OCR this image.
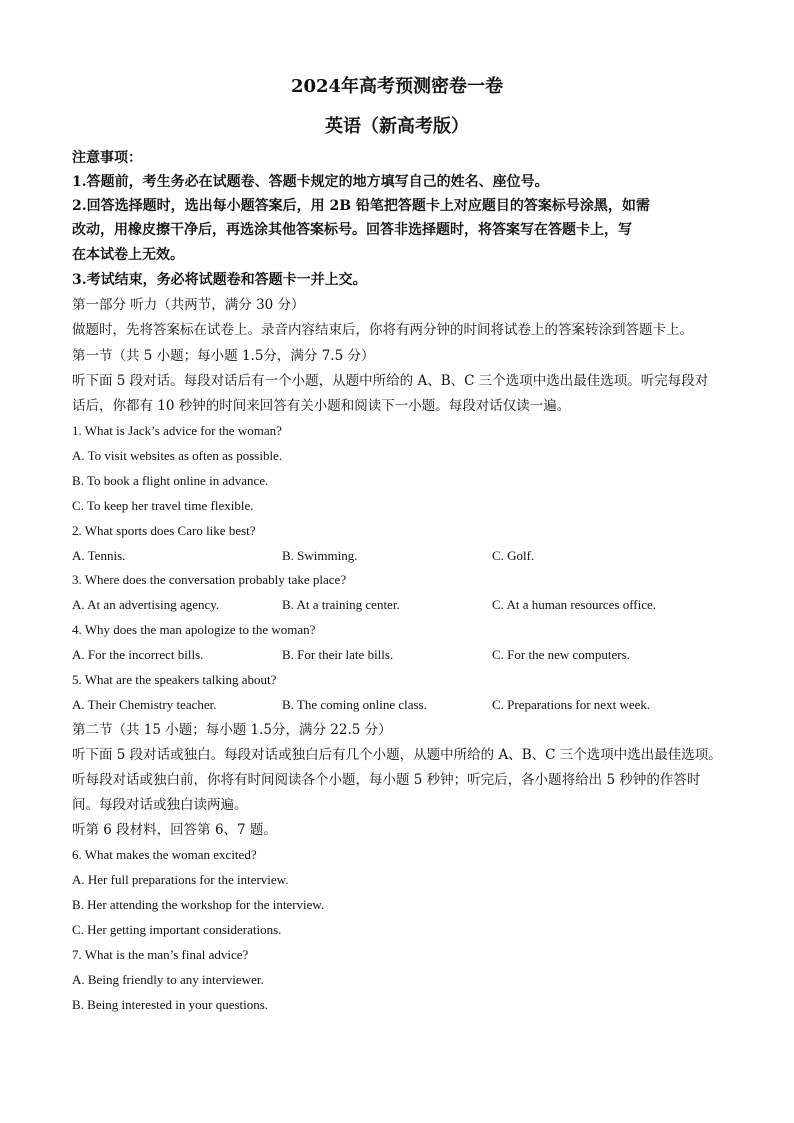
2024年高考预测密卷一卷
英语（新高考版）
注意事项：
1.答题前，考生务必在试题卷、答题卡规定的地方填写自己的姓名、座位号。
2.回答选择题时，选出每小题答案后，用 2B 铅笔把答题卡上对应题目的答案标号涂黑，如需
改动，用橡皮擦干净后，再选涂其他答案标号。回答非选择题时，将答案写在答题卡上，写
在本试卷上无效。
3.考试结束，务必将试题卷和答题卡一并上交。
第一部分 听力（共两节，满分 30 分）
做题时，先将答案标在试卷上。录音内容结束后，你将有两分钟的时间将试卷上的答案转涂到答题卡上。
第一节（共 5 小题；每小题 1.5分，满分 7.5 分）
听下面 5 段对话。每段对话后有一个小题，从题中所给的 A、B、C 三个选项中选出最佳选项。听完每段对
话后，你都有 10 秒钟的时间来回答有关小题和阅读下一小题。每段对话仅读一遍。
1. What is Jack’s advice for the woman?
A. To visit websites as often as possible.
B. To book a flight online in advance.
C. To keep her travel time flexible.
2. What sports does Caro like best?
A. Tennis.	B. Swimming.	C. Golf.
3. Where does the conversation probably take place?
A. At an advertising agency.	B. At a training center.	C. At a human resources office.
4. Why does the man apologize to the woman?
A. For the incorrect bills.	B. For their late bills.	C. For the new computers.
5. What are the speakers talking about?
A. Their Chemistry teacher.	B. The coming online class.	C. Preparations for next week.
第二节（共 15 小题；每小题 1.5分，满分 22.5 分）
听下面 5 段对话或独白。每段对话或独白后有几个小题，从题中所给的 A、B、C 三个选项中选出最佳选项。
听每段对话或独白前，你将有时间阅读各个小题，每小题 5 秒钟；听完后，各小题将给出 5 秒钟的作答时
间。每段对话或独白读两遍。
听第 6 段材料，回答第 6、7 题。
6. What makes the woman excited?
A. Her full preparations for the interview.
B. Her attending the workshop for the interview.
C. Her getting important considerations.
7. What is the man’s final advice?
A. Being friendly to any interviewer.
B. Being interested in your questions.
